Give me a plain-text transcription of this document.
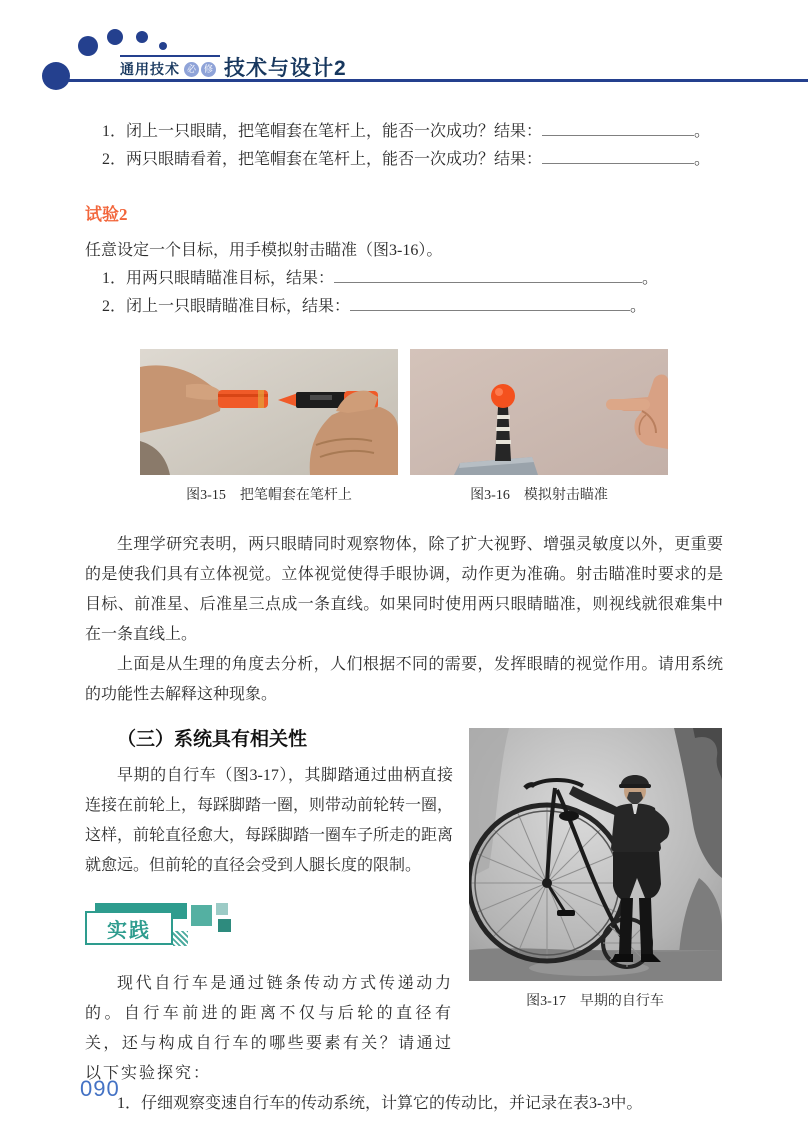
通用技术 必 修 技术与设计2
1．闭上一只眼睛，把笔帽套在笔杆上，能否一次成功？结果：	。
2．两只眼睛看着，把笔帽套在笔杆上，能否一次成功？结果：	。
试验2
任意设定一个目标，用手模拟射击瞄准（图3-16）。
1．用两只眼睛瞄准目标，结果：	。
2．闭上一只眼睛瞄准目标，结果：	。
图3-15　把笔帽套在笔杆上	图3-16　模拟射击瞄准

生理学研究表明，两只眼睛同时观察物体，除了扩大视野、增强灵敏度以外，更重要的是使我们具有立体视觉。立体视觉使得手眼协调，动作更为准确。射击瞄准时要求的是目标、前准星、后准星三点成一条直线。如果同时使用两只眼睛瞄准，则视线就很难集中在一条直线上。

上面是从生理的角度去分析，人们根据不同的需要，发挥眼睛的视觉作用。请用系统的功能性去解释这种现象。

图3-17　早期的自行车
（三）系统具有相关性

早期的自行车（图3-17），其脚踏通过曲柄直接连接在前轮上，每踩脚踏一圈，则带动前轮转一圈，这样，前轮直径愈大，每踩脚踏一圈车子所走的距离就愈远。但前轮的直径会受到人腿长度的限制。

实践

现代自行车是通过链条传动方式传递动力的。自行车前进的距离不仅与后轮的直径有关，还与构成自行车的哪些要素有关？请通过以下实验探究：

1．仔细观察变速自行车的传动系统，计算它的传动比，并记录在表3-3中。
090
